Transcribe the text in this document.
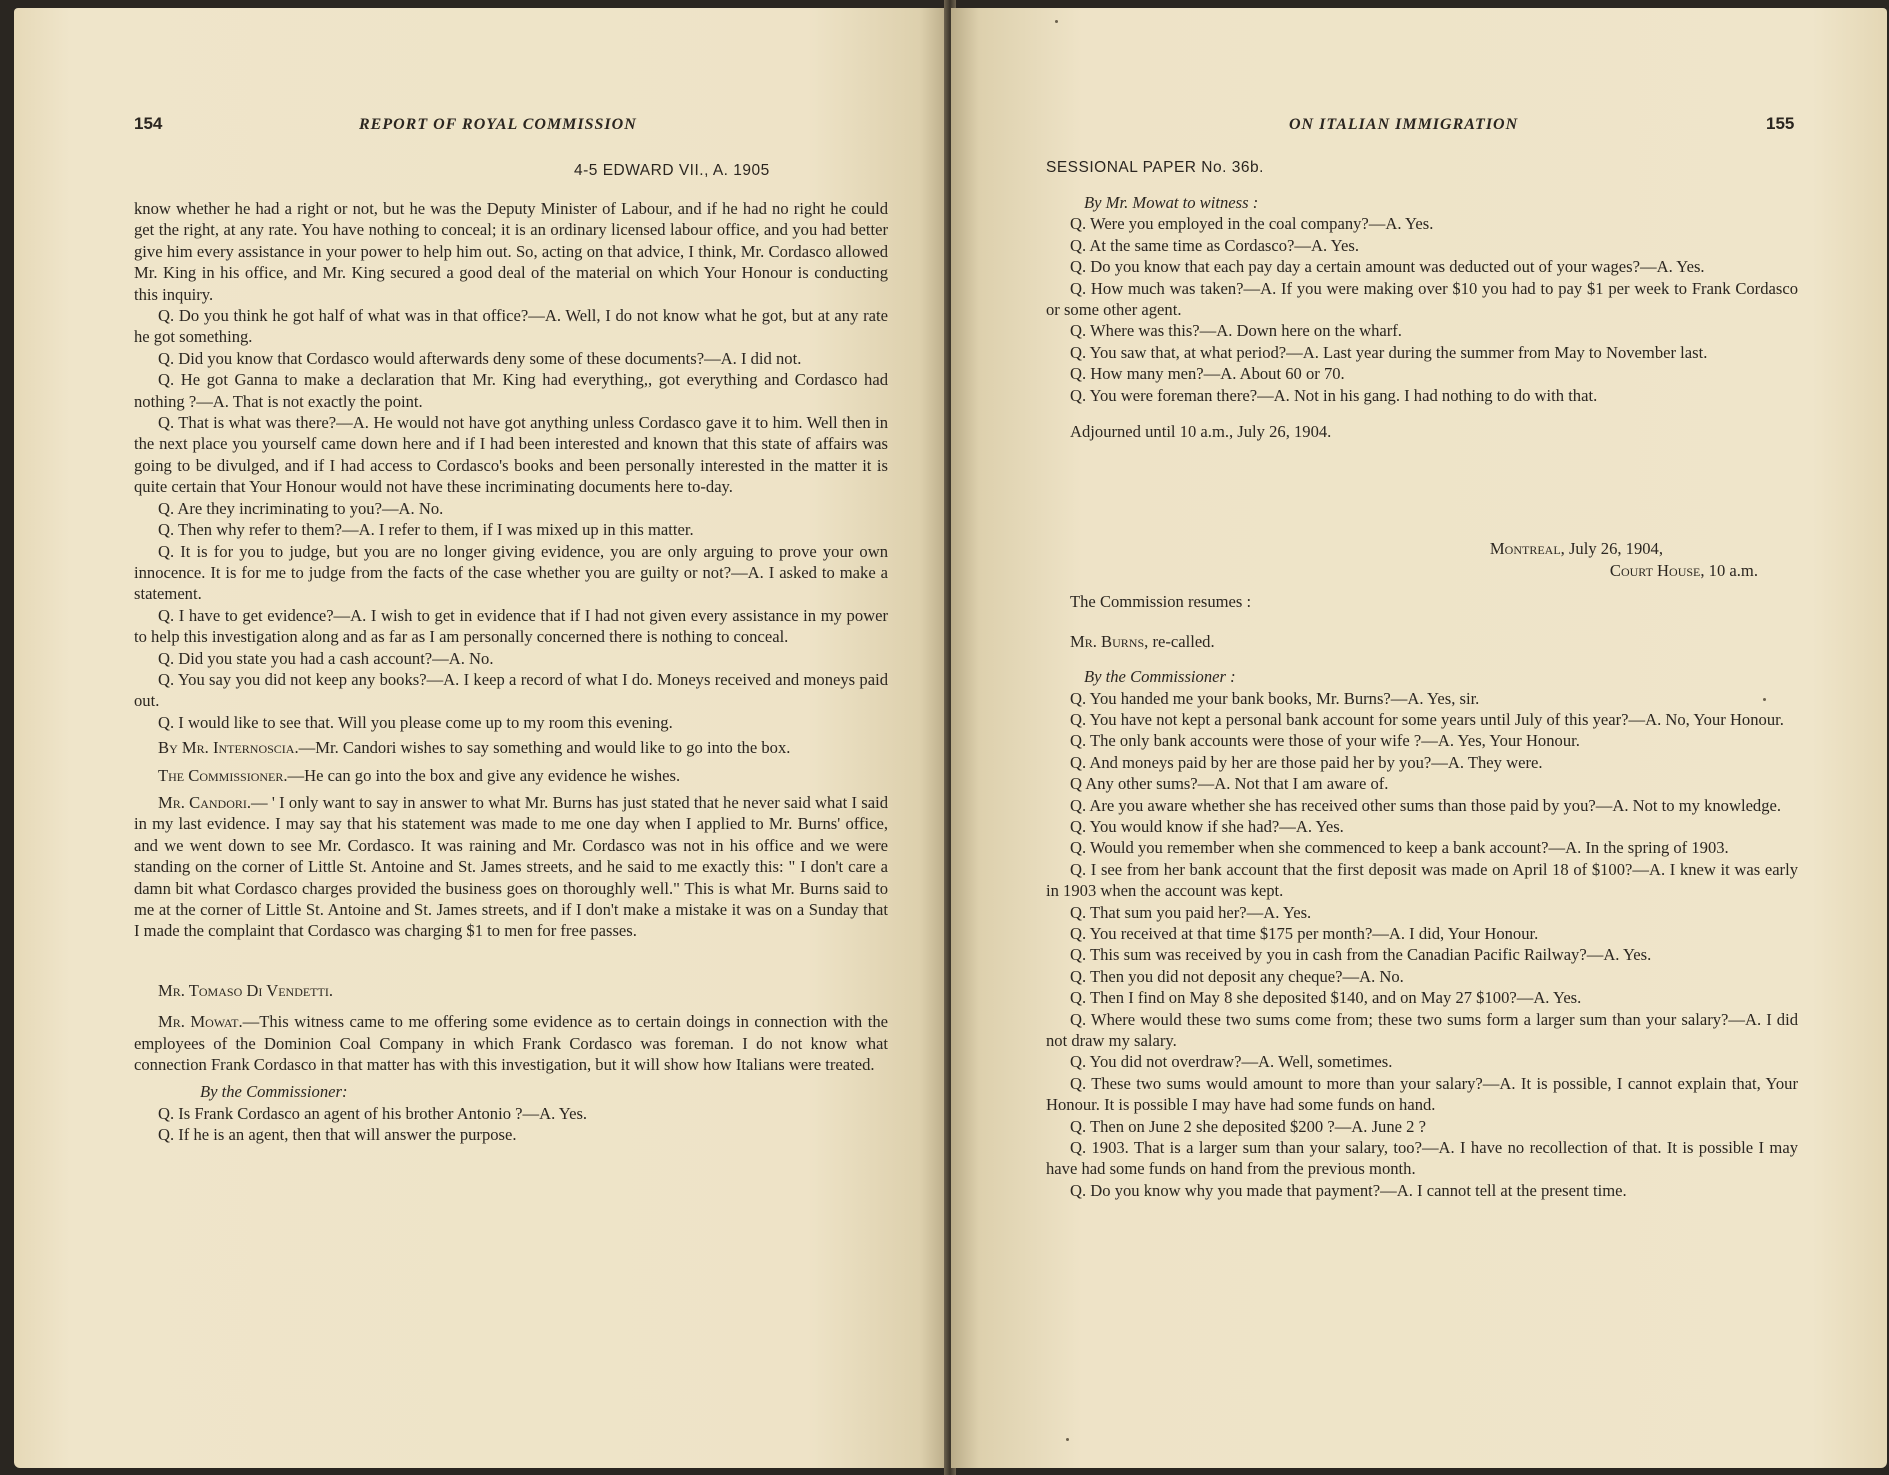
154	REPORT OF ROYAL COMMISSION
4-5 EDWARD VII., A. 1905

know whether he had a right or not, but he was the Deputy Minister of Labour, and if he had no right he could get the right, at any rate. You have nothing to conceal; it is an ordinary licensed labour office, and you had better give him every assistance in your power to help him out. So, acting on that advice, I think, Mr. Cordasco allowed Mr. King in his office, and Mr. King secured a good deal of the material on which Your Honour is conducting this inquiry.

Q. Do you think he got half of what was in that office?—A. Well, I do not know what he got, but at any rate he got something.

Q. Did you know that Cordasco would afterwards deny some of these documents?—A. I did not.

Q. He got Ganna to make a declaration that Mr. King had everything,, got everything and Cordasco had nothing ?—A. That is not exactly the point.

Q. That is what was there?—A. He would not have got anything unless Cordasco gave it to him. Well then in the next place you yourself came down here and if I had been interested and known that this state of affairs was going to be divulged, and if I had access to Cordasco's books and been personally interested in the matter it is quite certain that Your Honour would not have these incriminating documents here to-day.

Q. Are they incriminating to you?—A. No.

Q. Then why refer to them?—A. I refer to them, if I was mixed up in this matter.

Q. It is for you to judge, but you are no longer giving evidence, you are only arguing to prove your own innocence. It is for me to judge from the facts of the case whether you are guilty or not?—A. I asked to make a statement.

Q. I have to get evidence?—A. I wish to get in evidence that if I had not given every assistance in my power to help this investigation along and as far as I am personally concerned there is nothing to conceal.

Q. Did you state you had a cash account?—A. No.

Q. You say you did not keep any books?—A. I keep a record of what I do. Moneys received and moneys paid out.

Q. I would like to see that. Will you please come up to my room this evening.

By Mr. Internoscia.—Mr. Candori wishes to say something and would like to go into the box.

The Commissioner.—He can go into the box and give any evidence he wishes.

Mr. Candori.— ' I only want to say in answer to what Mr. Burns has just stated that he never said what I said in my last evidence. I may say that his statement was made to me one day when I applied to Mr. Burns' office, and we went down to see Mr. Cordasco. It was raining and Mr. Cordasco was not in his office and we were standing on the corner of Little St. Antoine and St. James streets, and he said to me exactly this: " I don't care a damn bit what Cordasco charges provided the business goes on thoroughly well." This is what Mr. Burns said to me at the corner of Little St. Antoine and St. James streets, and if I don't make a mistake it was on a Sunday that I made the complaint that Cordasco was charging $1 to men for free passes.

Mr. Tomaso Di Vendetti.

Mr. Mowat.—This witness came to me offering some evidence as to certain doings in connection with the employees of the Dominion Coal Company in which Frank Cordasco was foreman. I do not know what connection Frank Cordasco in that matter has with this investigation, but it will show how Italians were treated.

By the Commissioner:

Q. Is Frank Cordasco an agent of his brother Antonio ?—A. Yes.

Q. If he is an agent, then that will answer the purpose.

ON ITALIAN IMMIGRATION	155
SESSIONAL PAPER No. 36b.

By Mr. Mowat to witness :

Q. Were you employed in the coal company?—A. Yes.

Q. At the same time as Cordasco?—A. Yes.

Q. Do you know that each pay day a certain amount was deducted out of your wages?—A. Yes.

Q. How much was taken?—A. If you were making over $10 you had to pay $1 per week to Frank Cordasco or some other agent.

Q. Where was this?—A. Down here on the wharf.

Q. You saw that, at what period?—A. Last year during the summer from May to November last.

Q. How many men?—A. About 60 or 70.

Q. You were foreman there?—A. Not in his gang. I had nothing to do with that.

Adjourned until 10 a.m., July 26, 1904.

Montreal, July 26, 1904,

Court House, 10 a.m.

The Commission resumes :

Mr. Burns, re-called.

By the Commissioner :

Q. You handed me your bank books, Mr. Burns?—A. Yes, sir.

Q. You have not kept a personal bank account for some years until July of this year?—A. No, Your Honour.

Q. The only bank accounts were those of your wife ?—A. Yes, Your Honour.

Q. And moneys paid by her are those paid her by you?—A. They were.

Q Any other sums?—A. Not that I am aware of.

Q. Are you aware whether she has received other sums than those paid by you?—A. Not to my knowledge.

Q. You would know if she had?—A. Yes.

Q. Would you remember when she commenced to keep a bank account?—A. In the spring of 1903.

Q. I see from her bank account that the first deposit was made on April 18 of $100?—A. I knew it was early in 1903 when the account was kept.

Q. That sum you paid her?—A. Yes.

Q. You received at that time $175 per month?—A. I did, Your Honour.

Q. This sum was received by you in cash from the Canadian Pacific Railway?—A. Yes.

Q. Then you did not deposit any cheque?—A. No.

Q. Then I find on May 8 she deposited $140, and on May 27 $100?—A. Yes.

Q. Where would these two sums come from; these two sums form a larger sum than your salary?—A. I did not draw my salary.

Q. You did not overdraw?—A. Well, sometimes.

Q. These two sums would amount to more than your salary?—A. It is possible, I cannot explain that, Your Honour. It is possible I may have had some funds on hand.

Q. Then on June 2 she deposited $200 ?—A. June 2 ?

Q. 1903. That is a larger sum than your salary, too?—A. I have no recollection of that. It is possible I may have had some funds on hand from the previous month.

Q. Do you know why you made that payment?—A. I cannot tell at the present time.
